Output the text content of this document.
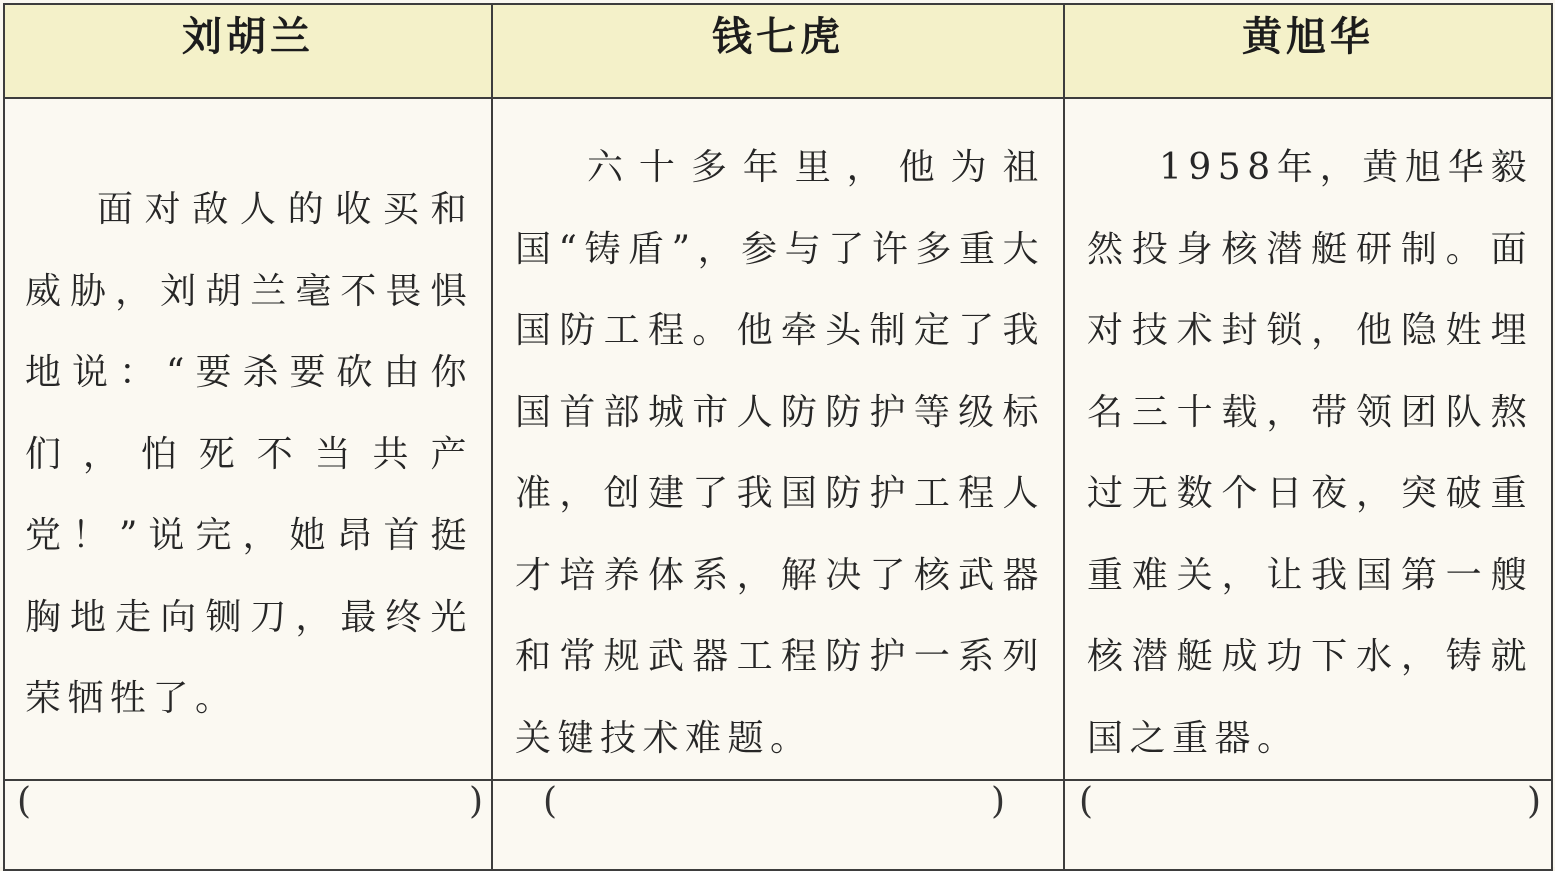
刘胡兰	钱七虎	黄旭华

面对敌人的收买和威胁，刘胡兰毫不畏惧地说：“要杀要砍由你们，怕死不当共产党！”说完，她昂首挺胸地走向铡刀，最终光荣牺牲了。	六十多年里，他为祖国“铸盾”，参与了许多重大国防工程。他牵头制定了我国首部城市人防防护等级标准，创建了我国防护工程人才培养体系，解决了核武器和常规武器工程防护一系列关键技术难题。	1958年，黄旭华毅然投身核潜艇研制。面对技术封锁，他隐姓埋名三十载，带领团队熬过无数个日夜，突破重重难关，让我国第一艘核潜艇成功下水，铸就国之重器。

( )	( )	( )
